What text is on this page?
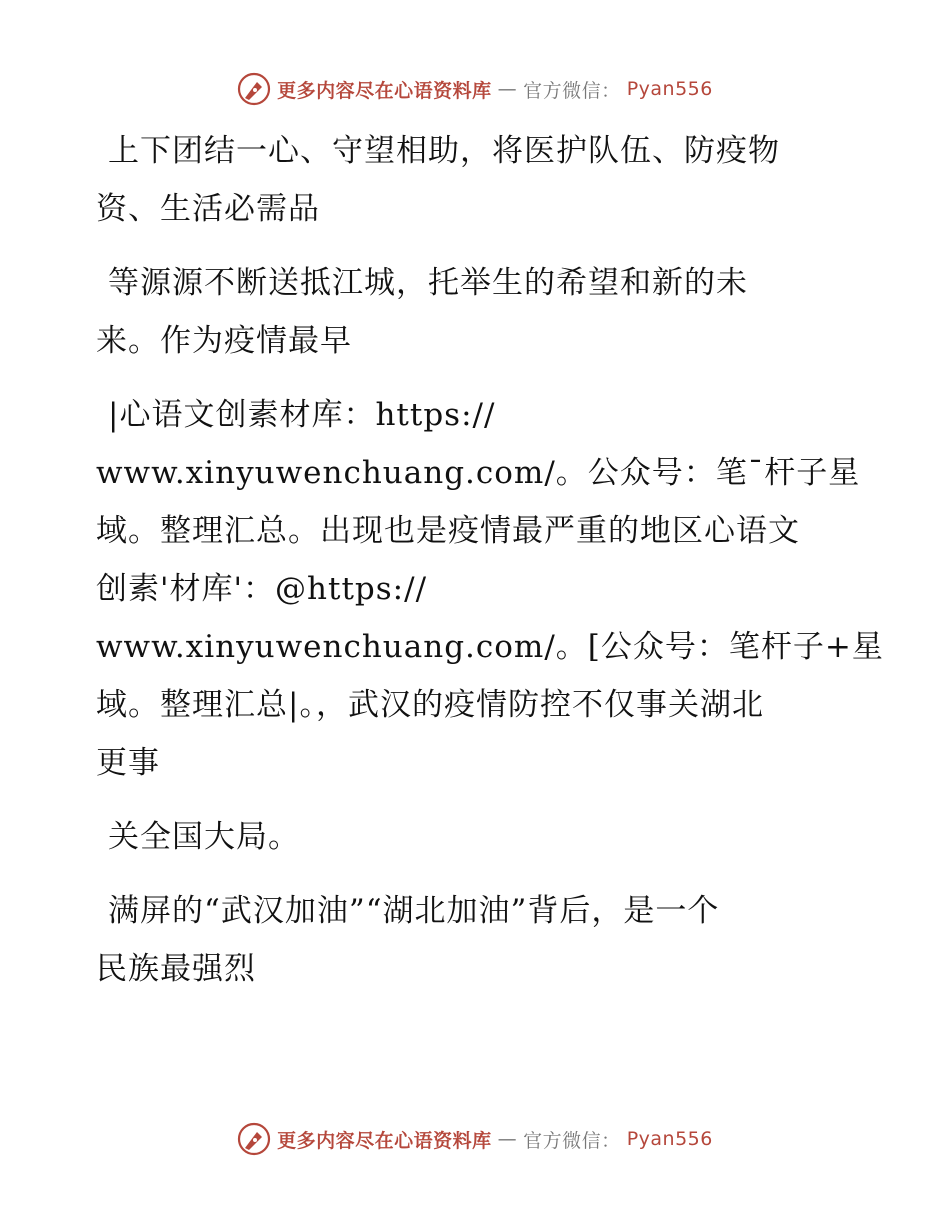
更多内容尽在心语资料库 — 官方微信： Pyan556

上下团结一心、守望相助，将医护队伍、防疫物
资、生活必需品

等源源不断送抵江城，托举生的希望和新的未
来。作为疫情最早

|心语文创素材库：https://
www.xinyuwenchuang.com/。公众号：笔¯杆子星
域。整理汇总。出现也是疫情最严重的地区心语文
创素'材库'：@https://
www.xinyuwenchuang.com/。[公众号：笔杆子+星
域。整理汇总|。，武汉的疫情防控不仅事关湖北
更事

关全国大局。

满屏的“武汉加油”“湖北加油”背后，是一个
民族最强烈

更多内容尽在心语资料库 — 官方微信： Pyan556
